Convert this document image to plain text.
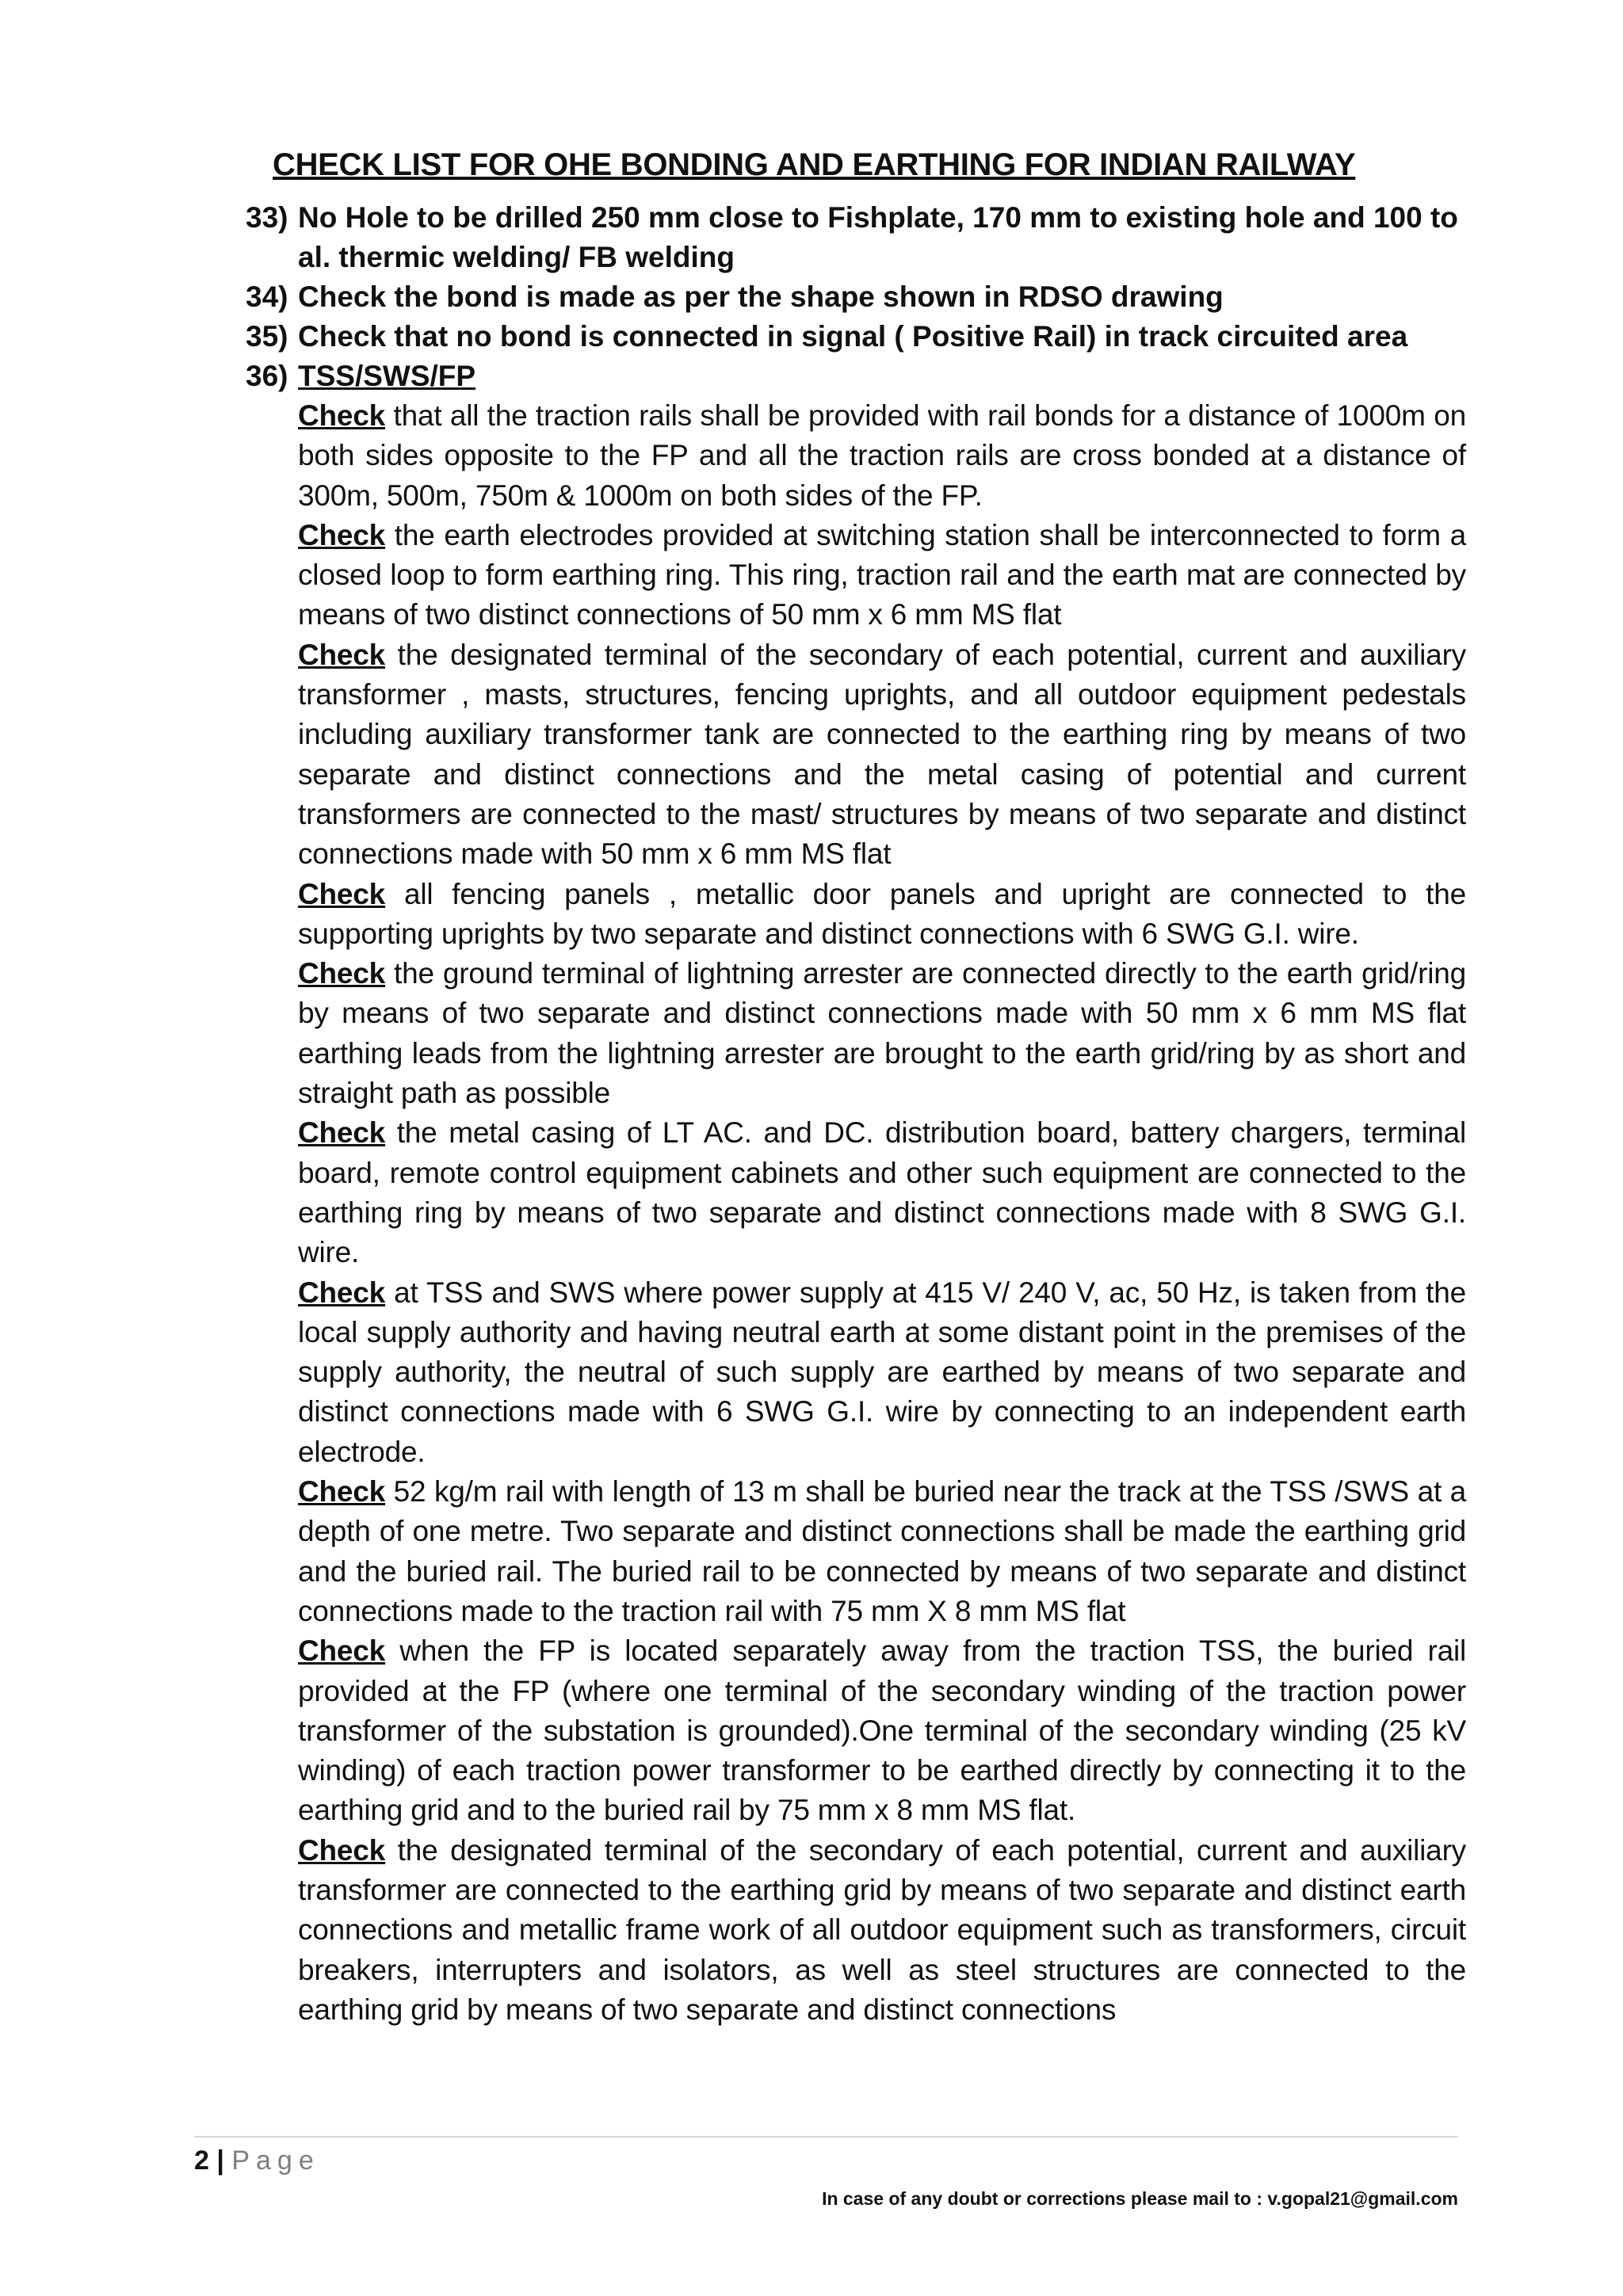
CHECK LIST FOR OHE BONDING AND EARTHING FOR INDIAN RAILWAY
33) No Hole to be drilled 250 mm close to Fishplate, 170 mm to existing hole and 100 to al. thermic welding/ FB welding
34) Check the bond is made as per the shape shown in RDSO drawing
35) Check that no bond is connected in signal ( Positive Rail) in track circuited area
36) TSS/SWS/FP
Check that all the traction rails shall be provided with rail bonds for a distance of 1000m on both sides opposite to the FP and all the traction rails are cross bonded at a distance of 300m, 500m, 750m & 1000m on both sides of the FP.
Check the earth electrodes provided at switching station shall be interconnected to form a closed loop to form earthing ring. This ring, traction rail and the earth mat are connected by means of two distinct connections of 50 mm x 6 mm MS flat
Check the designated terminal of the secondary of each potential, current and auxiliary transformer , masts, structures, fencing uprights, and all outdoor equipment pedestals including auxiliary transformer tank are connected to the earthing ring by means of two separate and distinct connections and the metal casing of potential and current transformers are connected to the mast/ structures by means of two separate and distinct connections made with 50 mm x 6 mm MS flat
Check all fencing panels , metallic door panels and upright are connected to the supporting uprights by two separate and distinct connections with 6 SWG G.I. wire.
Check the ground terminal of lightning arrester are connected directly to the earth grid/ring by means of two separate and distinct connections made with 50 mm x 6 mm MS flat earthing leads from the lightning arrester are brought to the earth grid/ring by as short and straight path as possible
Check the metal casing of LT AC. and DC. distribution board, battery chargers, terminal board, remote control equipment cabinets and other such equipment are connected to the earthing ring by means of two separate and distinct connections made with 8 SWG G.I. wire.
Check at TSS and SWS where power supply at 415 V/ 240 V, ac, 50 Hz, is taken from the local supply authority and having neutral earth at some distant point in the premises of the supply authority, the neutral of such supply are earthed by means of two separate and distinct connections made with 6 SWG G.I. wire by connecting to an independent earth electrode.
Check 52 kg/m rail with length of 13 m shall be buried near the track at the TSS /SWS at a depth of one metre. Two separate and distinct connections shall be made the earthing grid and the buried rail. The buried rail to be connected by means of two separate and distinct connections made to the traction rail with 75 mm X 8 mm MS flat
Check when the FP is located separately away from the traction TSS, the buried rail provided at the FP (where one terminal of the secondary winding of the traction power transformer of the substation is grounded).One terminal of the secondary winding (25 kV winding) of each traction power transformer to be earthed directly by connecting it to the earthing grid and to the buried rail by 75 mm x 8 mm MS flat.
Check the designated terminal of the secondary of each potential, current and auxiliary transformer are connected to the earthing grid by means of two separate and distinct earth connections and metallic frame work of all outdoor equipment such as transformers, circuit breakers, interrupters and isolators, as well as steel structures are connected to the earthing grid by means of two separate and distinct connections
2 | Page
In case of any doubt or corrections please mail to : v.gopal21@gmail.com
